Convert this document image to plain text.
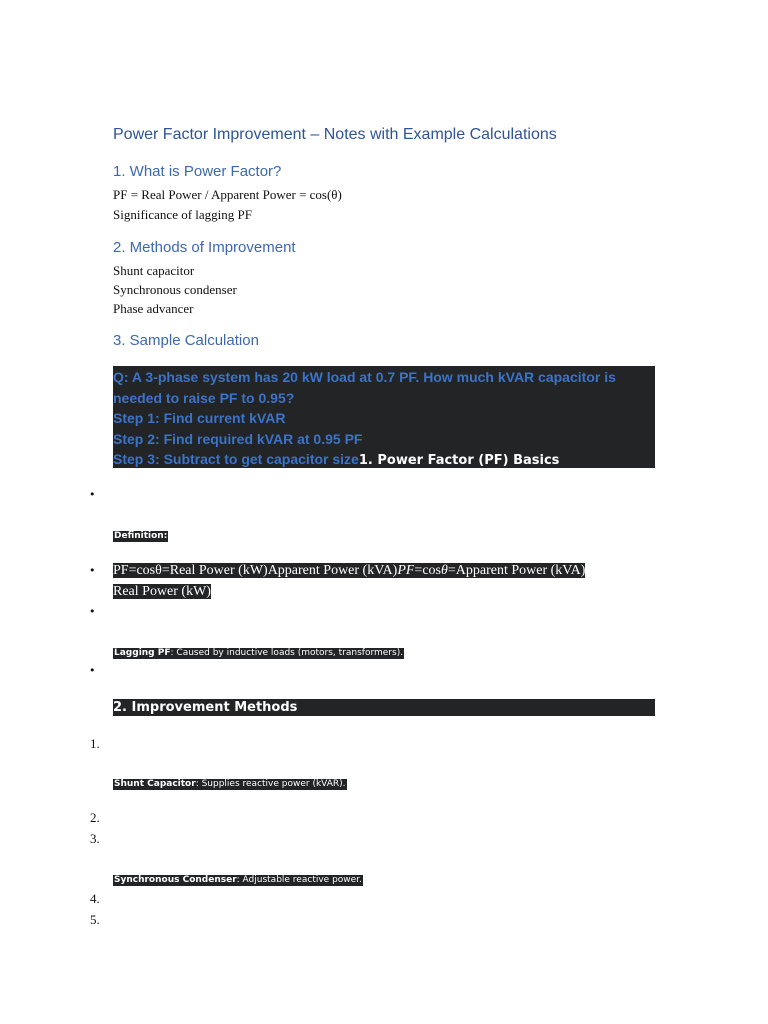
Power Factor Improvement – Notes with Example Calculations
1. What is Power Factor?
PF = Real Power / Apparent Power = cos(θ)
Significance of lagging PF
2. Methods of Improvement
Shunt capacitor
Synchronous condenser
Phase advancer
3. Sample Calculation
Q: A 3-phase system has 20 kW load at 0.7 PF. How much kVAR capacitor is
needed to raise PF to 0.95?
Step 1: Find current kVAR
Step 2: Find required kVAR at 0.95 PF
Step 3: Subtract to get capacitor size1. Power Factor (PF) Basics
•
Definition:
• PF=cosθ=Real Power (kW)Apparent Power (kVA)PF=cosθ=Apparent Power (kVA)
Real Power (kW)
•
Lagging PF: Caused by inductive loads (motors, transformers).
•
2. Improvement Methods
1.
Shunt Capacitor: Supplies reactive power (kVAR).
2.
3.
Synchronous Condenser: Adjustable reactive power.
4.
5.
